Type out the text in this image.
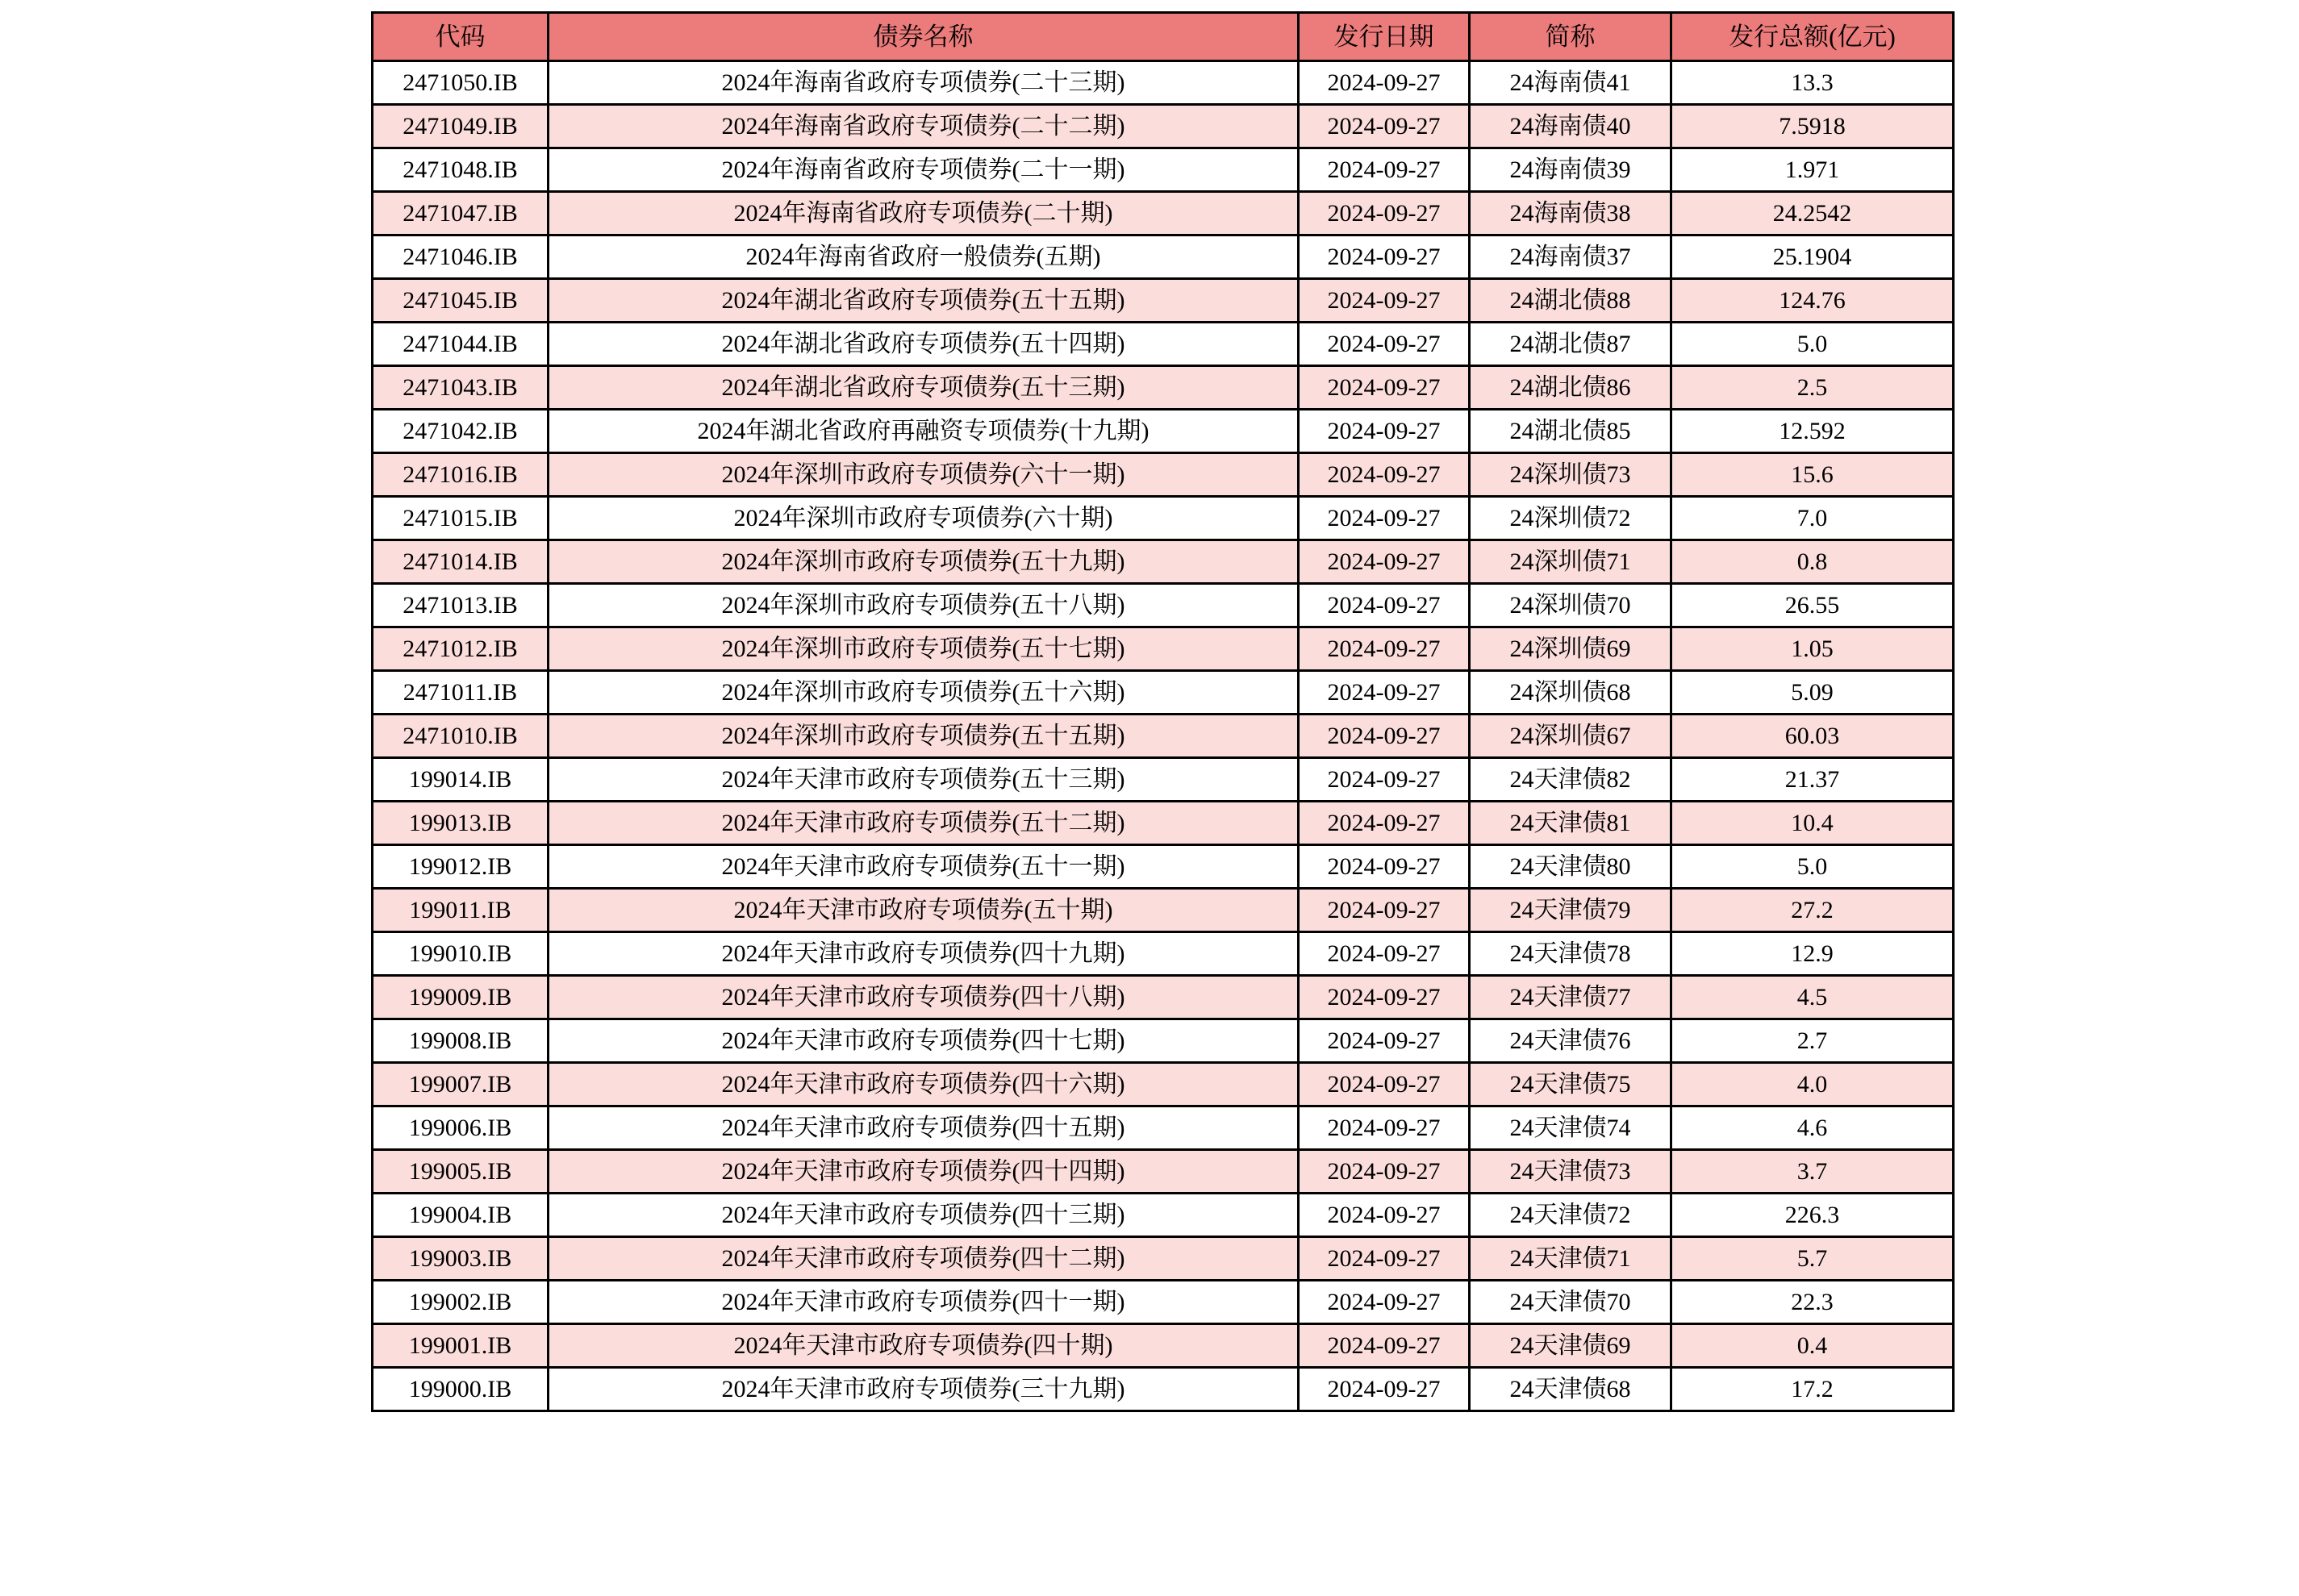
代码	债券名称	发行日期	简称	发行总额(亿元)
2471050.IB	2024年海南省政府专项债券(二十三期)	2024-09-27	24海南债41	13.3
2471049.IB	2024年海南省政府专项债券(二十二期)	2024-09-27	24海南债40	7.5918
2471048.IB	2024年海南省政府专项债券(二十一期)	2024-09-27	24海南债39	1.971
2471047.IB	2024年海南省政府专项债券(二十期)	2024-09-27	24海南债38	24.2542
2471046.IB	2024年海南省政府一般债券(五期)	2024-09-27	24海南债37	25.1904
2471045.IB	2024年湖北省政府专项债券(五十五期)	2024-09-27	24湖北债88	124.76
2471044.IB	2024年湖北省政府专项债券(五十四期)	2024-09-27	24湖北债87	5.0
2471043.IB	2024年湖北省政府专项债券(五十三期)	2024-09-27	24湖北债86	2.5
2471042.IB	2024年湖北省政府再融资专项债券(十九期)	2024-09-27	24湖北债85	12.592
2471016.IB	2024年深圳市政府专项债券(六十一期)	2024-09-27	24深圳债73	15.6
2471015.IB	2024年深圳市政府专项债券(六十期)	2024-09-27	24深圳债72	7.0
2471014.IB	2024年深圳市政府专项债券(五十九期)	2024-09-27	24深圳债71	0.8
2471013.IB	2024年深圳市政府专项债券(五十八期)	2024-09-27	24深圳债70	26.55
2471012.IB	2024年深圳市政府专项债券(五十七期)	2024-09-27	24深圳债69	1.05
2471011.IB	2024年深圳市政府专项债券(五十六期)	2024-09-27	24深圳债68	5.09
2471010.IB	2024年深圳市政府专项债券(五十五期)	2024-09-27	24深圳债67	60.03
199014.IB	2024年天津市政府专项债券(五十三期)	2024-09-27	24天津债82	21.37
199013.IB	2024年天津市政府专项债券(五十二期)	2024-09-27	24天津债81	10.4
199012.IB	2024年天津市政府专项债券(五十一期)	2024-09-27	24天津债80	5.0
199011.IB	2024年天津市政府专项债券(五十期)	2024-09-27	24天津债79	27.2
199010.IB	2024年天津市政府专项债券(四十九期)	2024-09-27	24天津债78	12.9
199009.IB	2024年天津市政府专项债券(四十八期)	2024-09-27	24天津债77	4.5
199008.IB	2024年天津市政府专项债券(四十七期)	2024-09-27	24天津债76	2.7
199007.IB	2024年天津市政府专项债券(四十六期)	2024-09-27	24天津债75	4.0
199006.IB	2024年天津市政府专项债券(四十五期)	2024-09-27	24天津债74	4.6
199005.IB	2024年天津市政府专项债券(四十四期)	2024-09-27	24天津债73	3.7
199004.IB	2024年天津市政府专项债券(四十三期)	2024-09-27	24天津债72	226.3
199003.IB	2024年天津市政府专项债券(四十二期)	2024-09-27	24天津债71	5.7
199002.IB	2024年天津市政府专项债券(四十一期)	2024-09-27	24天津债70	22.3
199001.IB	2024年天津市政府专项债券(四十期)	2024-09-27	24天津债69	0.4
199000.IB	2024年天津市政府专项债券(三十九期)	2024-09-27	24天津债68	17.2
